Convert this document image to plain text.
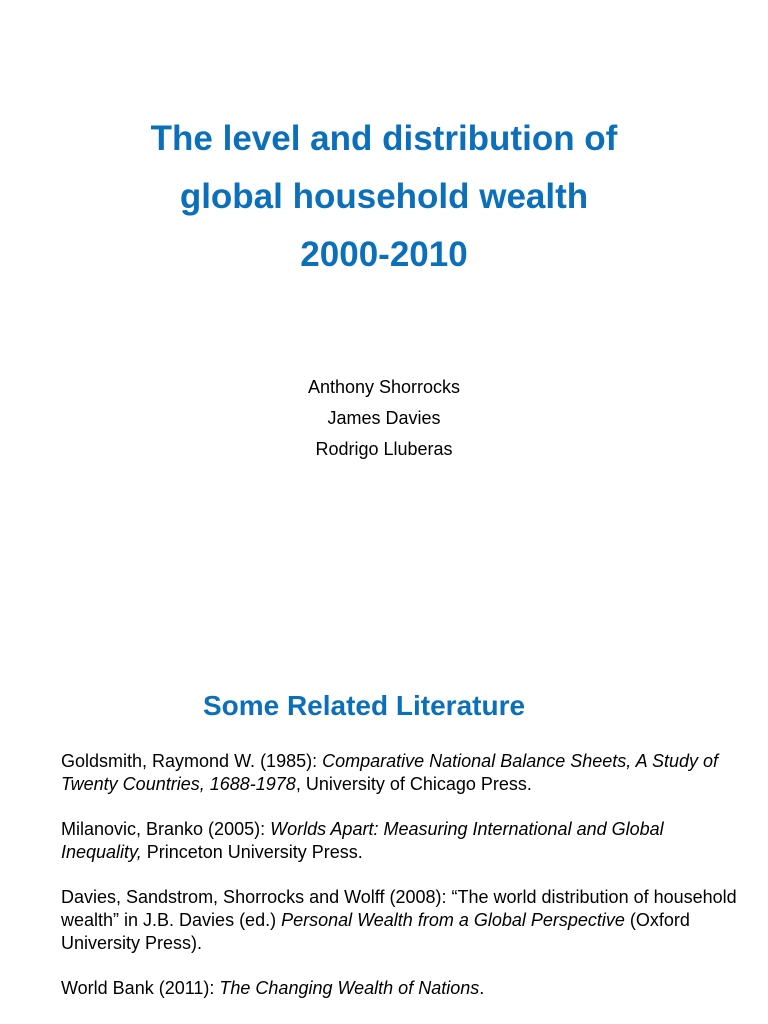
The level and distribution of
global household wealth
2000-2010
Anthony Shorrocks
James Davies
Rodrigo Lluberas
Some Related Literature

Goldsmith, Raymond W. (1985): Comparative National Balance Sheets, A Study of Twenty Countries, 1688-1978, University of Chicago Press.

Milanovic, Branko (2005): Worlds Apart: Measuring International and Global Inequality, Princeton University Press.

Davies, Sandstrom, Shorrocks and Wolff (2008): “The world distribution of household wealth” in J.B. Davies (ed.) Personal Wealth from a Global Perspective (Oxford University Press).

World Bank (2011): The Changing Wealth of Nations.
